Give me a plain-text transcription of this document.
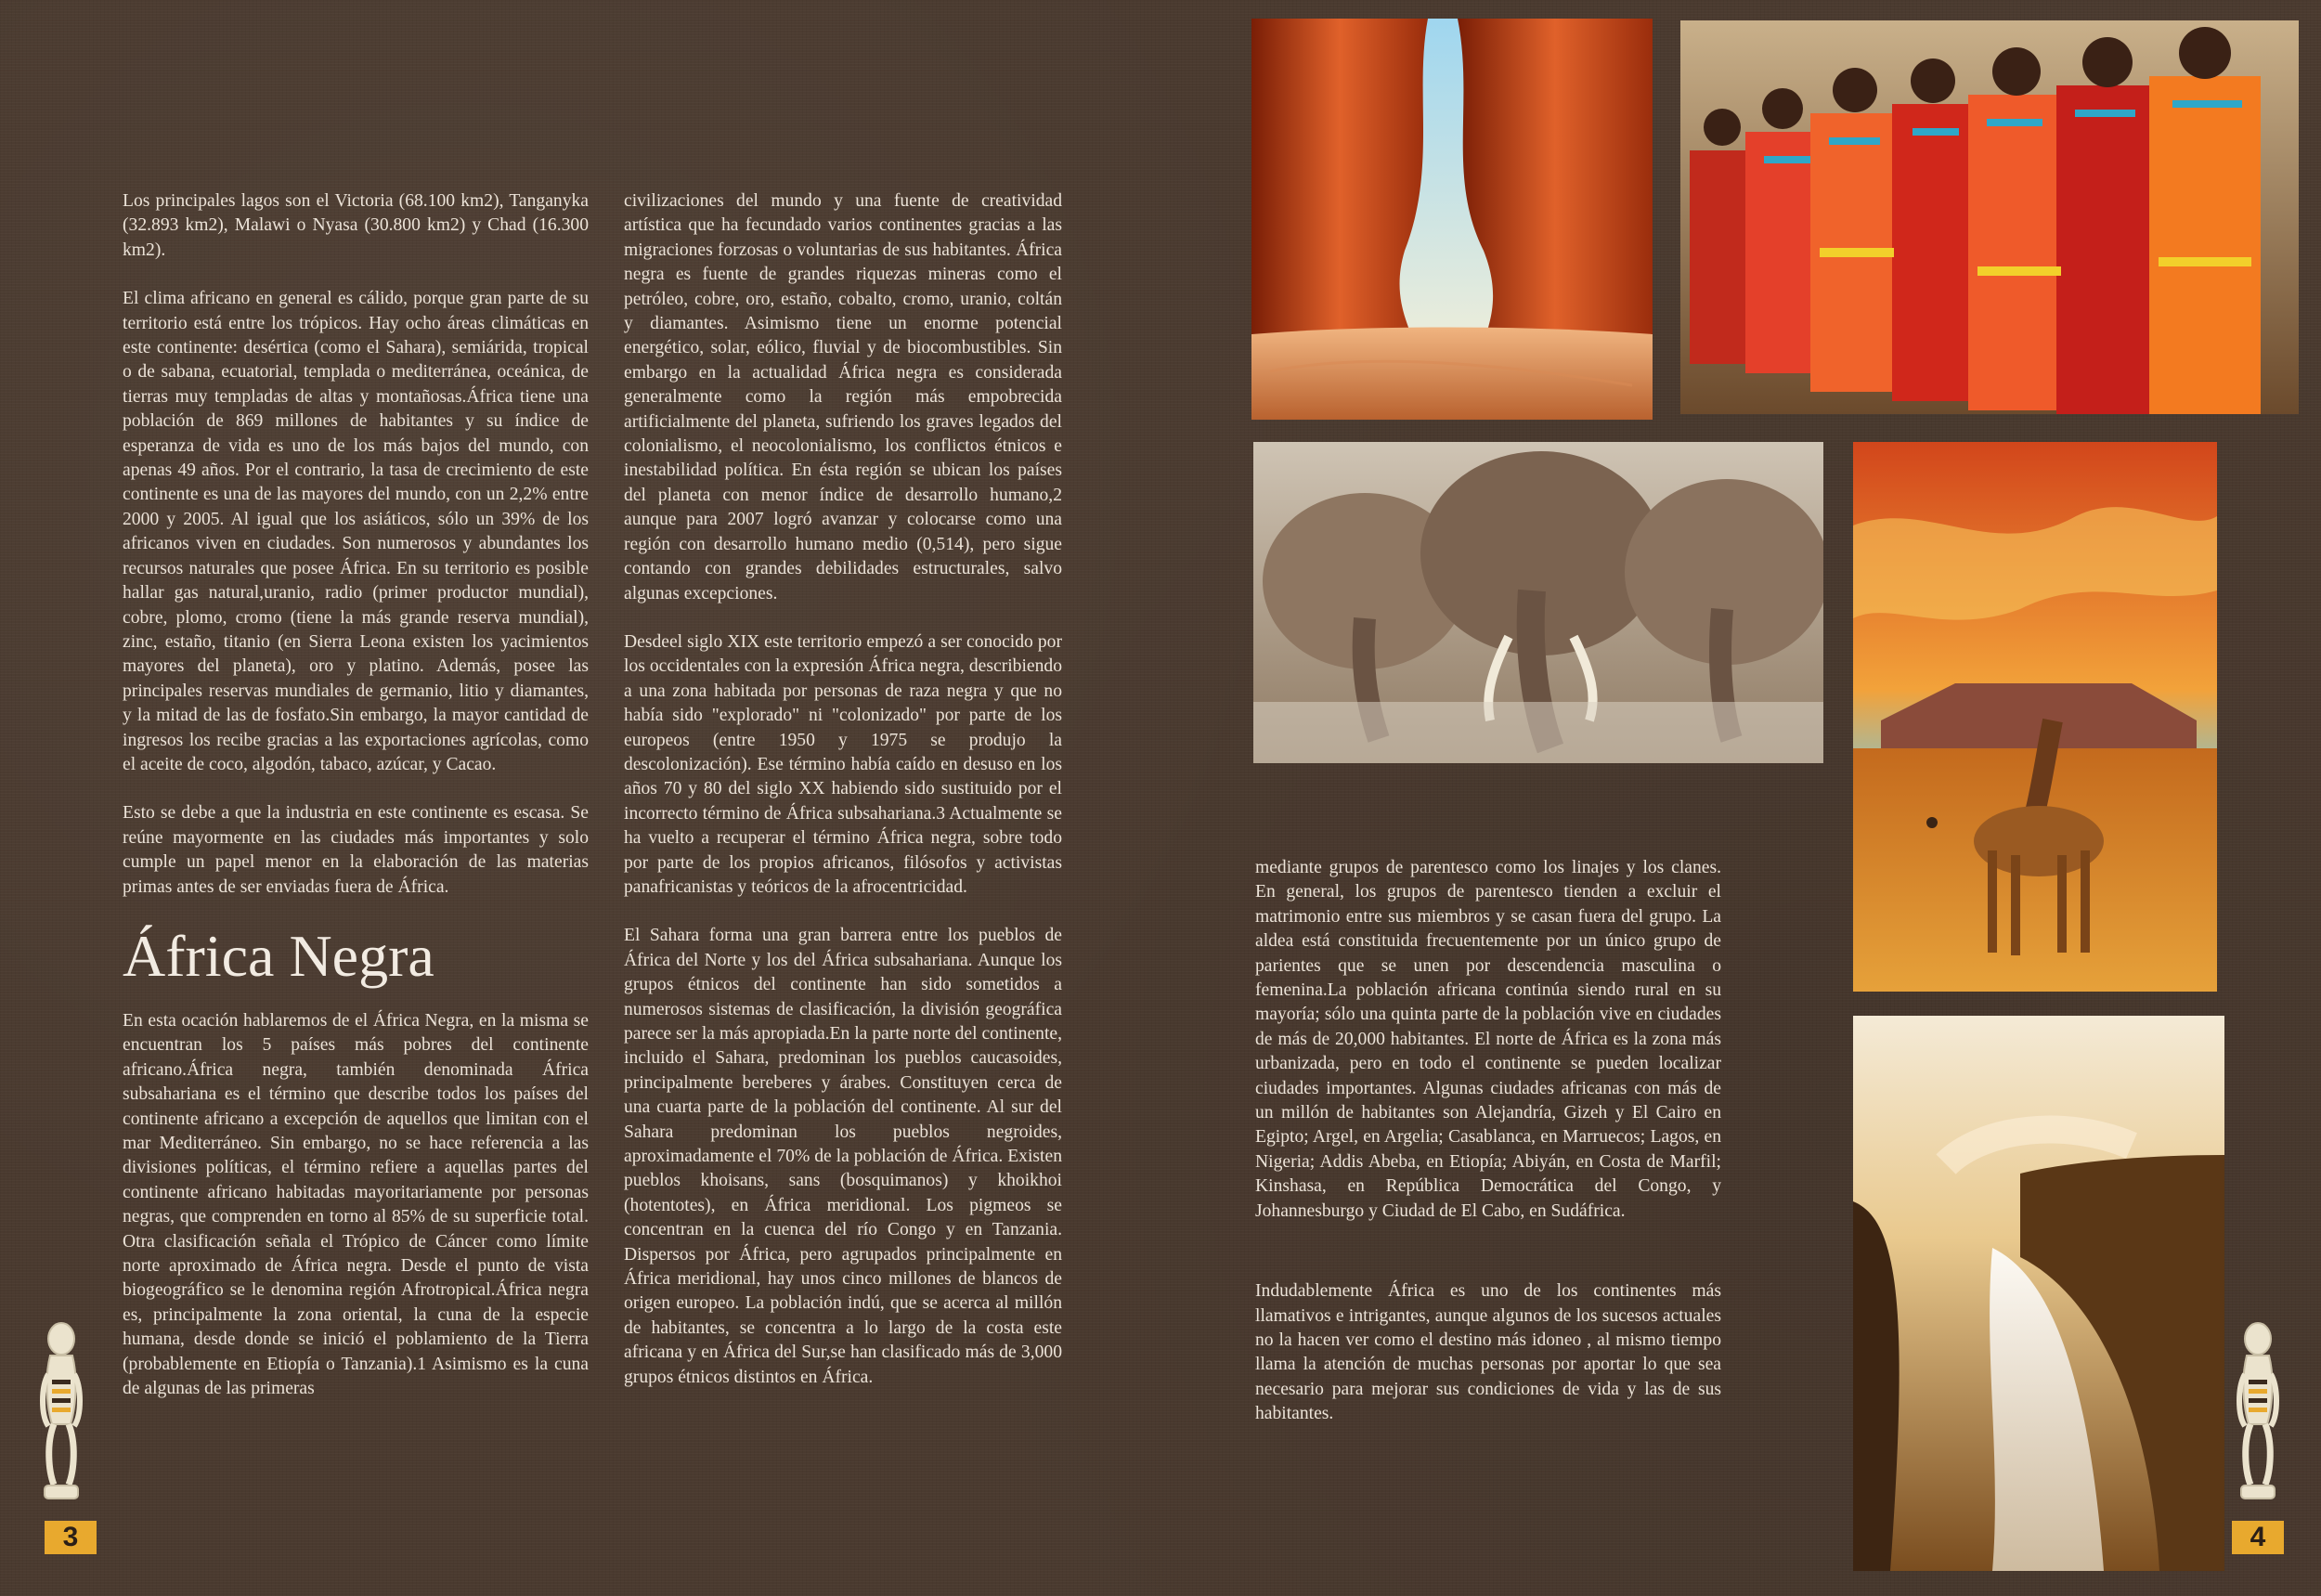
Los principales lagos son el Victoria (68.100 km2), Tanganyka (32.893 km2), Malawi o Nyasa (30.800 km2) y Chad (16.300 km2).

El clima africano en general es cálido, porque gran parte de su territorio está entre los trópicos. Hay ocho áreas climáticas en este continente: desértica (como el Sahara), semiárida, tropical o de sabana, ecuatorial, templada o mediterránea, oceánica, de tierras muy templadas de altas y montañosas.África tiene una población de 869 millones de habitantes y su índice de esperanza de vida es uno de los más bajos del mundo, con apenas 49 años. Por el contrario, la tasa de crecimiento de este continente es una de las mayores del mundo, con un 2,2% entre 2000 y 2005. Al igual que los asiáticos, sólo un 39% de los africanos viven en ciudades. Son numerosos y abundantes los recursos naturales que posee África. En su territorio es posible hallar gas natural,uranio, radio (primer productor mundial), cobre, plomo, cromo (tiene la más grande reserva mundial), zinc, estaño, titanio (en Sierra Leona existen los yacimientos mayores del planeta), oro y platino. Además, posee las principales reservas mundiales de germanio, litio y diamantes, y la mitad de las de fosfato.Sin embargo, la mayor cantidad de ingresos los recibe gracias a las exportaciones agrícolas, como el aceite de coco, algodón, tabaco, azúcar, y Cacao.

Esto se debe a que la industria en este continente es escasa. Se reúne mayormente en las ciudades más importantes y solo cumple un papel menor en la elaboración de las materias primas antes de ser enviadas fuera de África.

África Negra

En esta ocación hablaremos de el África Negra, en la misma se encuentran los 5 países más pobres del continente africano.África negra, también denominada África subsahariana es el término que describe todos los países del continente africano a excepción de aquellos que limitan con el mar Mediterráneo. Sin embargo, no se hace referencia a las divisiones políticas, el término refiere a aquellas partes del continente africano habitadas mayoritariamente por personas negras, que comprenden en torno al 85% de su superficie total. Otra clasificación señala el Trópico de Cáncer como límite norte aproximado de África negra. Desde el punto de vista biogeográfico se le denomina región Afrotropical.África negra es, principalmente la zona oriental, la cuna de la especie humana, desde donde se inició el poblamiento de la Tierra (probablemente en Etiopía o Tanzania).1 Asimismo es la cuna de algunas de las primeras

civilizaciones del mundo y una fuente de creatividad artística que ha fecundado varios continentes gracias a las migraciones forzosas o voluntarias de sus habitantes. África negra es fuente de grandes riquezas mineras como el petróleo, cobre, oro, estaño, cobalto, cromo, uranio, coltán y diamantes. Asimismo tiene un enorme potencial energético, solar, eólico, fluvial y de biocombustibles. Sin embargo en la actualidad África negra es considerada generalmente como la región más empobrecida artificialmente del planeta, sufriendo los graves legados del colonialismo, el neocolonialismo, los conflictos étnicos e inestabilidad política. En ésta región se ubican los países del planeta con menor índice de desarrollo humano,2 aunque para 2007 logró avanzar y colocarse como una región con desarrollo humano medio (0,514), pero sigue contando con grandes debilidades estructurales, salvo algunas excepciones.

Desdeel siglo XIX este territorio empezó a ser conocido por los occidentales con la expresión África negra, describiendo a una zona habitada por personas de raza negra y que no había sido "explorado" ni "colonizado" por parte de los europeos (entre 1950 y 1975 se produjo la descolonización). Ese término había caído en desuso en los años 70 y 80 del siglo XX habiendo sido sustituido por el incorrecto término de África subsahariana.3 Actualmente se ha vuelto a recuperar el término África negra, sobre todo por parte de los propios africanos, filósofos y activistas panafricanistas y teóricos de la afrocentricidad.

El Sahara forma una gran barrera entre los pueblos de África del Norte y los del África subsahariana. Aunque los grupos étnicos del continente han sido sometidos a numerosos sistemas de clasificación, la división geográfica parece ser la más apropiada.En la parte norte del continente, incluido el Sahara, predominan los pueblos caucasoides, principalmente bereberes y árabes. Constituyen cerca de una cuarta parte de la población del continente. Al sur del Sahara predominan los pueblos negroides, aproximadamente el 70% de la población de África. Existen pueblos khoisans, sans (bosquimanos) y khoikhoi (hotentotes), en África meridional. Los pigmeos se concentran en la cuenca del río Congo y en Tanzania. Dispersos por África, pero agrupados principalmente en África meridional, hay unos cinco millones de blancos de origen europeo. La población indú, que se acerca al millón de habitantes, se concentra a lo largo de la costa este africana y en África del Sur,se han clasificado más de 3,000 grupos étnicos distintos en África.

mediante grupos de parentesco como los linajes y los clanes. En general, los grupos de parentesco tienden a excluir el matrimonio entre sus miembros y se casan fuera del grupo. La aldea está constituida frecuentemente por un único grupo de parientes que se unen por descendencia masculina o femenina.La población africana continúa siendo rural en su mayoría; sólo una quinta parte de la población vive en ciudades de más de 20,000 habitantes. El norte de África es la zona más urbanizada, pero en todo el continente se pueden localizar ciudades importantes. Algunas ciudades africanas con más de un millón de habitantes son Alejandría, Gizeh y El Cairo en Egipto; Argel, en Argelia; Casablanca, en Marruecos; Lagos, en Nigeria; Addis Abeba, en Etiopía; Abiyán, en Costa de Marfil; Kinshasa, en República Democrática del Congo, y Johannesburgo y Ciudad de El Cabo, en Sudáfrica.

Indudablemente África es uno de los continentes más llamativos e intrigantes, aunque algunos de los sucesos actuales no la hacen ver como el destino más idoneo , al mismo tiempo llama la atención de muchas personas por aportar lo que sea necesario para mejorar sus condiciones de vida y las de sus habitantes.

3	4
